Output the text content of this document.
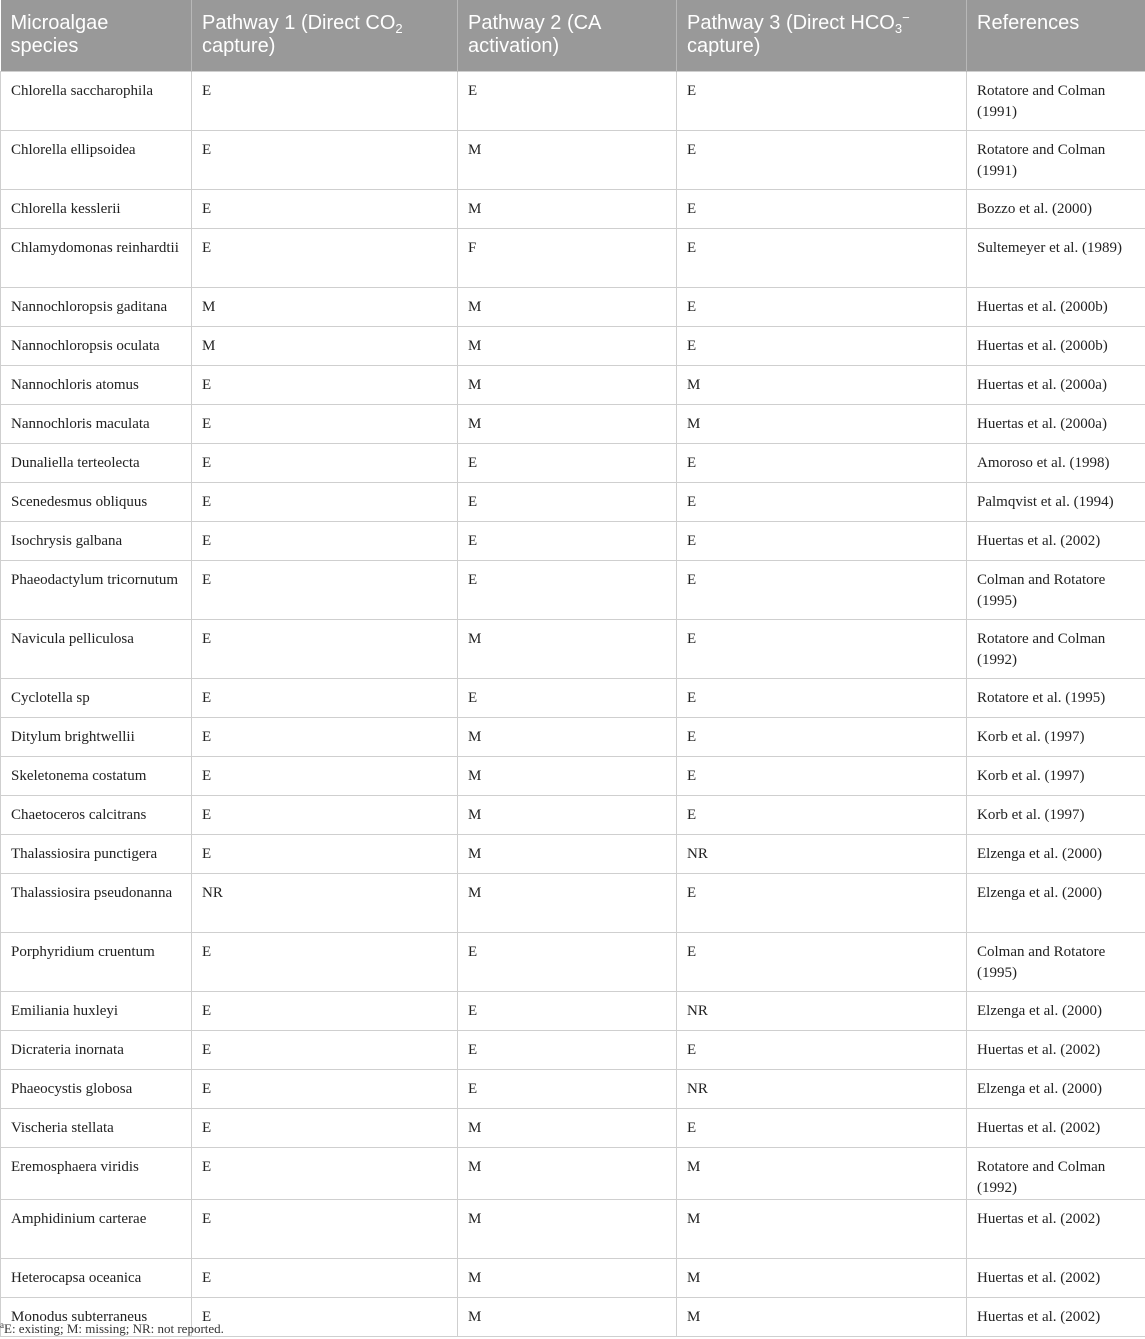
Microalgae species	Pathway 1 (Direct $CO_2$ capture)	Pathway 2 (CA activation)	Pathway 3 (Direct $HCO_3^-$ capture)	References
Chlorella saccharophila	E	E	E	Rotatore and Colman (1991)
Chlorella ellipsoidea	E	M	E	Rotatore and Colman (1991)
Chlorella kesslerii	E	M	E	Bozzo et al. (2000)
Chlamydomonas reinhardtii	E	F	E	Sultemeyer et al. (1989)
Nannochloropsis gaditana	M	M	E	Huertas et al. (2000b)
Nannochloropsis oculata	M	M	E	Huertas et al. (2000b)
Nannochloris atomus	E	M	M	Huertas et al. (2000a)
Nannochloris maculata	E	M	M	Huertas et al. (2000a)
Dunaliella terteolecta	E	E	E	Amoroso et al. (1998)
Scenedesmus obliquus	E	E	E	Palmqvist et al. (1994)
Isochrysis galbana	E	E	E	Huertas et al. (2002)
Phaeodactylum tricornutum	E	E	E	Colman and Rotatore (1995)
Navicula pelliculosa	E	M	E	Rotatore and Colman (1992)
Cyclotella sp	E	E	E	Rotatore et al. (1995)
Ditylum brightwellii	E	M	E	Korb et al. (1997)
Skeletonema costatum	E	M	E	Korb et al. (1997)
Chaetoceros calcitrans	E	M	E	Korb et al. (1997)
Thalassiosira punctigera	E	M	NR	Elzenga et al. (2000)
Thalassiosira pseudonanna	NR	M	E	Elzenga et al. (2000)
Porphyridium cruentum	E	E	E	Colman and Rotatore (1995)
Emiliania huxleyi	E	E	NR	Elzenga et al. (2000)
Dicrateria inornata	E	E	E	Huertas et al. (2002)
Phaeocystis globosa	E	E	NR	Elzenga et al. (2000)
Vischeria stellata	E	M	E	Huertas et al. (2002)
Eremosphaera viridis	E	M	M	Rotatore and Colman (1992)
Amphidinium carterae	E	M	M	Huertas et al. (2002)
Heterocapsa oceanica	E	M	M	Huertas et al. (2002)
Monodus subterraneus	E	M	M	Huertas et al. (2002)
$^a$E: existing; M: missing; NR: not reported.
